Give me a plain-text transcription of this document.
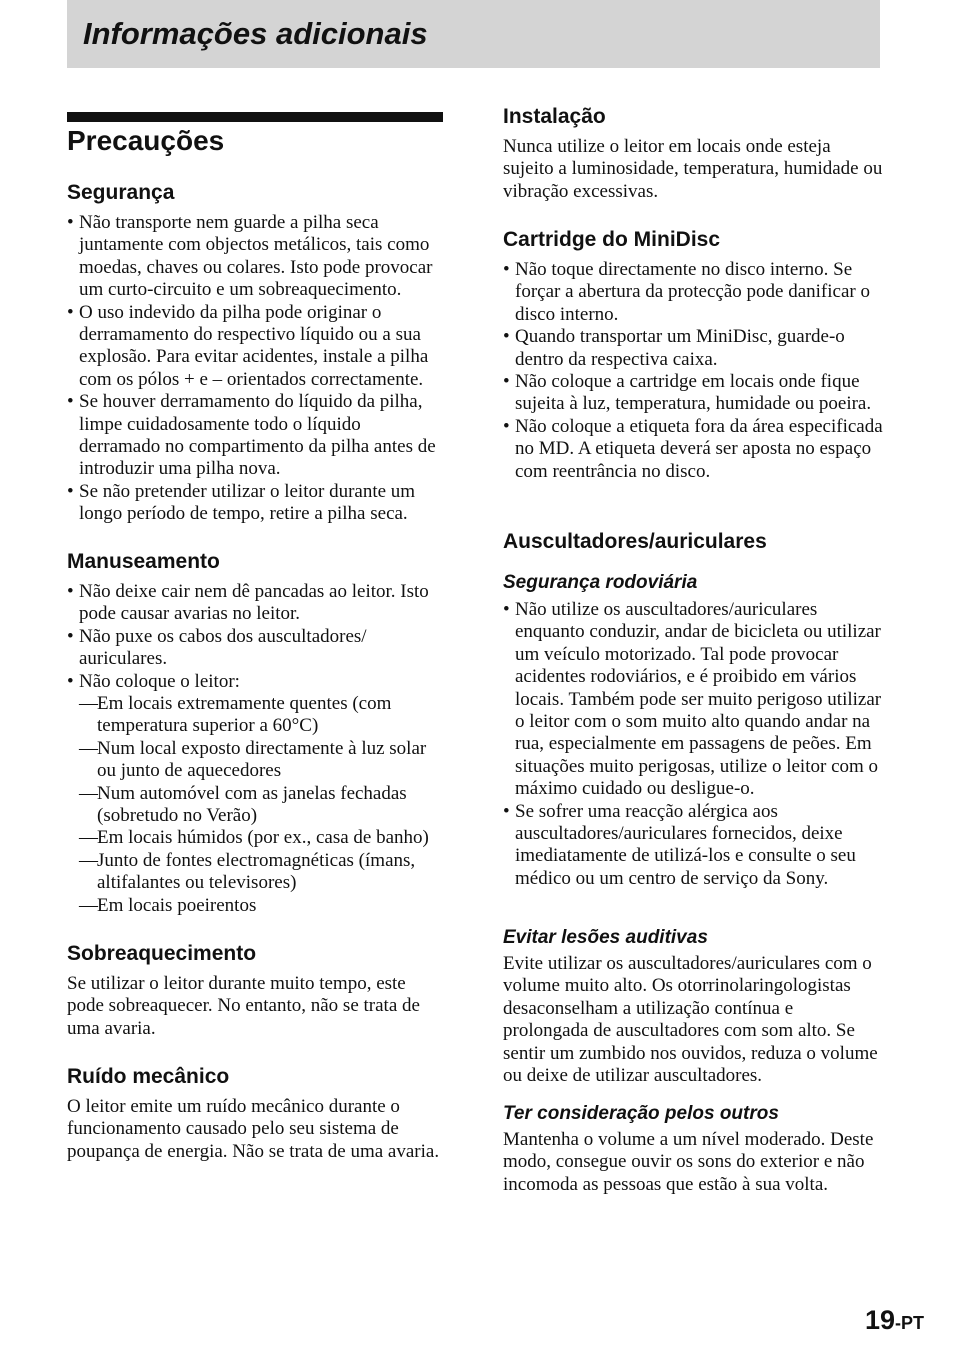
Informações adicionais
Precauções
Segurança
• Não transporte nem guarde a pilha seca juntamente com objectos metálicos, tais como moedas, chaves ou colares. Isto pode provocar um curto-circuito e um sobreaquecimento.
• O uso indevido da pilha pode originar o derramamento do respectivo líquido ou a sua explosão. Para evitar acidentes, instale a pilha com os pólos + e – orientados correctamente.
• Se houver derramamento do líquido da pilha, limpe cuidadosamente todo o líquido derramado no compartimento da pilha antes de introduzir uma pilha nova.
• Se não pretender utilizar o leitor durante um longo período de tempo, retire a pilha seca.
Manuseamento
• Não deixe cair nem dê pancadas ao leitor. Isto pode causar avarias no leitor.
• Não puxe os cabos dos auscultadores/ auriculares.
• Não coloque o leitor:
— Em locais extremamente quentes (com temperatura superior a 60°C)
— Num local exposto directamente à luz solar ou junto de aquecedores
— Num automóvel com as janelas fechadas (sobretudo no Verão)
— Em locais húmidos (por ex., casa de banho)
— Junto de fontes electromagnéticas (ímans, altifalantes ou televisores)
— Em locais poeirentos
Sobreaquecimento

Se utilizar o leitor durante muito tempo, este pode sobreaquecer. No entanto, não se trata de uma avaria.

Ruído mecânico

O leitor emite um ruído mecânico durante o funcionamento causado pelo seu sistema de poupança de energia. Não se trata de uma avaria.

Instalação

Nunca utilize o leitor em locais onde esteja sujeito a luminosidade, temperatura, humidade ou vibração excessivas.

Cartridge do MiniDisc
• Não toque directamente no disco interno. Se forçar a abertura da protecção pode danificar o disco interno.
• Quando transportar um MiniDisc, guarde-o dentro da respectiva caixa.
• Não coloque a cartridge em locais onde fique sujeita à luz, temperatura, humidade ou poeira.
• Não coloque a etiqueta fora da área especificada no MD. A etiqueta deverá ser aposta no espaço com reentrância no disco.
Auscultadores/auriculares
Segurança rodoviária
• Não utilize os auscultadores/auriculares enquanto conduzir, andar de bicicleta ou utilizar um veículo motorizado. Tal pode provocar acidentes rodoviários, e é proibido em vários locais. Também pode ser muito perigoso utilizar o leitor com o som muito alto quando andar na rua, especialmente em passagens de peões. Em situações muito perigosas, utilize o leitor com o máximo cuidado ou desligue-o.
• Se sofrer uma reacção alérgica aos auscultadores/auriculares fornecidos, deixe imediatamente de utilizá-los e consulte o seu médico ou um centro de serviço da Sony.
Evitar lesões auditivas

Evite utilizar os auscultadores/auriculares com o volume muito alto. Os otorrinolaringologistas desaconselham a utilização contínua e prolongada de auscultadores com som alto. Se sentir um zumbido nos ouvidos, reduza o volume ou deixe de utilizar auscultadores.

Ter consideração pelos outros

Mantenha o volume a um nível moderado. Deste modo, consegue ouvir os sons do exterior e não incomoda as pessoas que estão à sua volta.

19-PT
